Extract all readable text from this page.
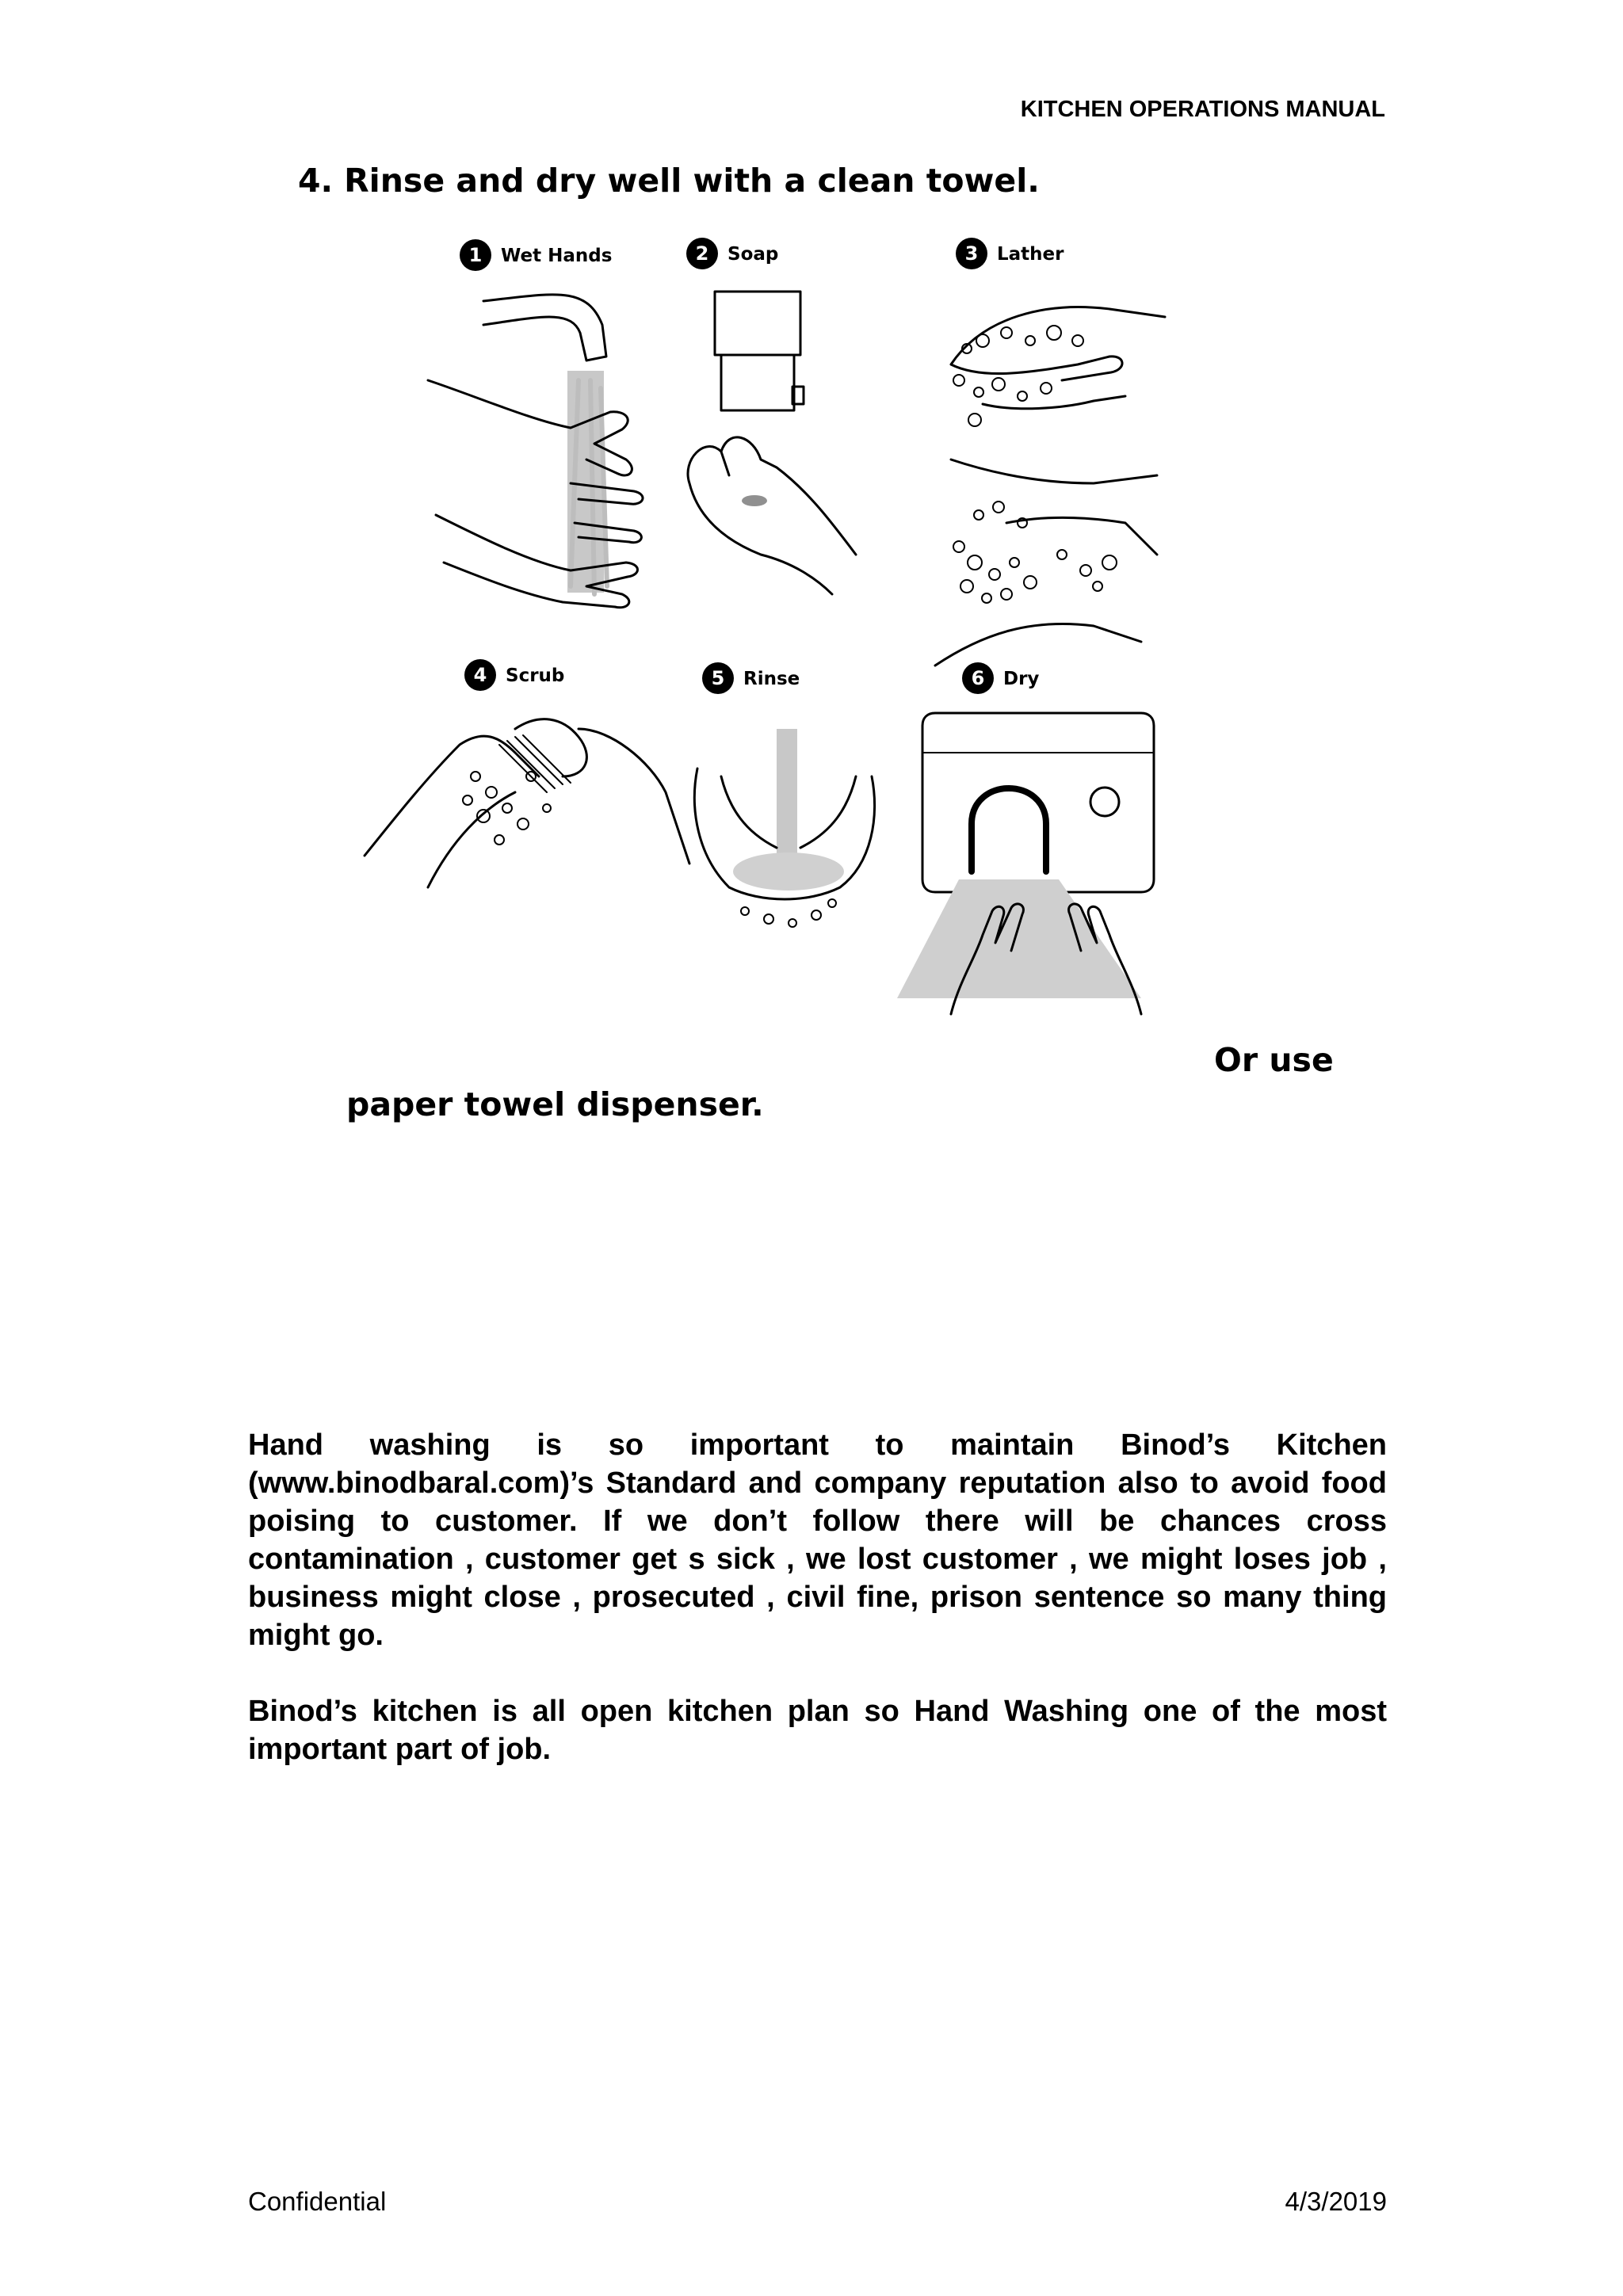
KITCHEN OPERATIONS MANUAL
4. Rinse and dry well with a clean towel.
1 Wet Hands	2 Soap	3 Lather
4 Scrub	5 Rinse	6 Dry
Or use
paper towel dispenser.

Hand washing is so important to maintain Binod’s Kitchen (www.binodbaral.com)’s Standard and company reputation also to avoid food poising to customer. If we don’t follow there will be chances cross contamination , customer get s sick , we lost customer , we might loses job , business might close , prosecuted , civil fine, prison sentence so many thing might go.

Binod’s kitchen is all open kitchen plan so Hand Washing one of the most important part of job.

Confidential	4/3/2019
